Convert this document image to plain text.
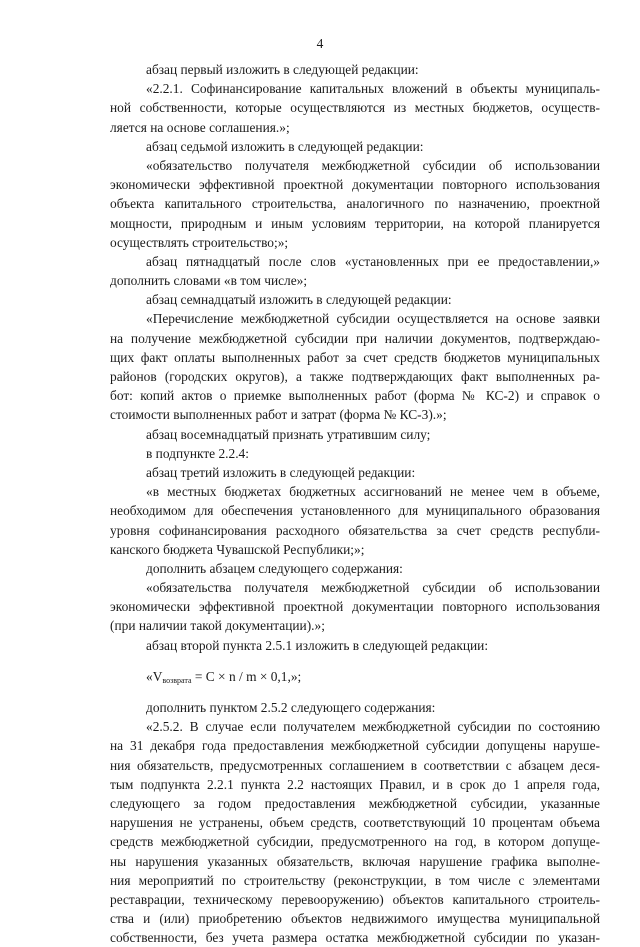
4
абзац первый изложить в следующей редакции:
«2.2.1. Софинансирование капитальных вложений в объекты муниципаль-
ной собственности, которые осуществляются из местных бюджетов, осуществ-
ляется на основе соглашения.»;
абзац седьмой изложить в следующей редакции:
«обязательство получателя межбюджетной субсидии об использовании
экономически эффективной проектной документации повторного использования
объекта капитального строительства, аналогичного по назначению, проектной
мощности, природным и иным условиям территории, на которой планируется
осуществлять строительство;»;
абзац пятнадцатый после слов «установленных при ее предоставлении,»
дополнить словами «в том числе»;
абзац семнадцатый изложить в следующей редакции:
«Перечисление межбюджетной субсидии осуществляется на основе заявки
на получение межбюджетной субсидии при наличии документов, подтверждаю-
щих факт оплаты выполненных работ за счет средств бюджетов муниципальных
районов (городских округов), а также подтверждающих факт выполненных ра-
бот: копий актов о приемке выполненных работ (форма № КС-2) и справок о
стоимости выполненных работ и затрат (форма № КС-3).»;
абзац восемнадцатый признать утратившим силу;
в подпункте 2.2.4:
абзац третий изложить в следующей редакции:
«в местных бюджетах бюджетных ассигнований не менее чем в объеме,
необходимом для обеспечения установленного для муниципального образования
уровня софинансирования расходного обязательства за счет средств республи-
канского бюджета Чувашской Республики;»;
дополнить абзацем следующего содержания:
«обязательства получателя межбюджетной субсидии об использовании
экономически эффективной проектной документации повторного использования
(при наличии такой документации).»;
абзац второй пункта 2.5.1 изложить в следующей редакции:
«$V_{возврата} = C \times n / m \times 0,1$,»;
дополнить пунктом 2.5.2 следующего содержания:
«2.5.2. В случае если получателем межбюджетной субсидии по состоянию
на 31 декабря года предоставления межбюджетной субсидии допущены наруше-
ния обязательств, предусмотренных соглашением в соответствии с абзацем деся-
тым подпункта 2.2.1 пункта 2.2 настоящих Правил, и в срок до 1 апреля года,
следующего за годом предоставления межбюджетной субсидии, указанные
нарушения не устранены, объем средств, соответствующий 10 процентам объема
средств межбюджетной субсидии, предусмотренного на год, в котором допуще-
ны нарушения указанных обязательств, включая нарушение графика выполне-
ния мероприятий по строительству (реконструкции, в том числе с элементами
реставрации, техническому перевооружению) объектов капитального строитель-
ства и (или) приобретению объектов недвижимого имущества муниципальной
собственности, без учета размера остатка межбюджетной субсидии по указан-
